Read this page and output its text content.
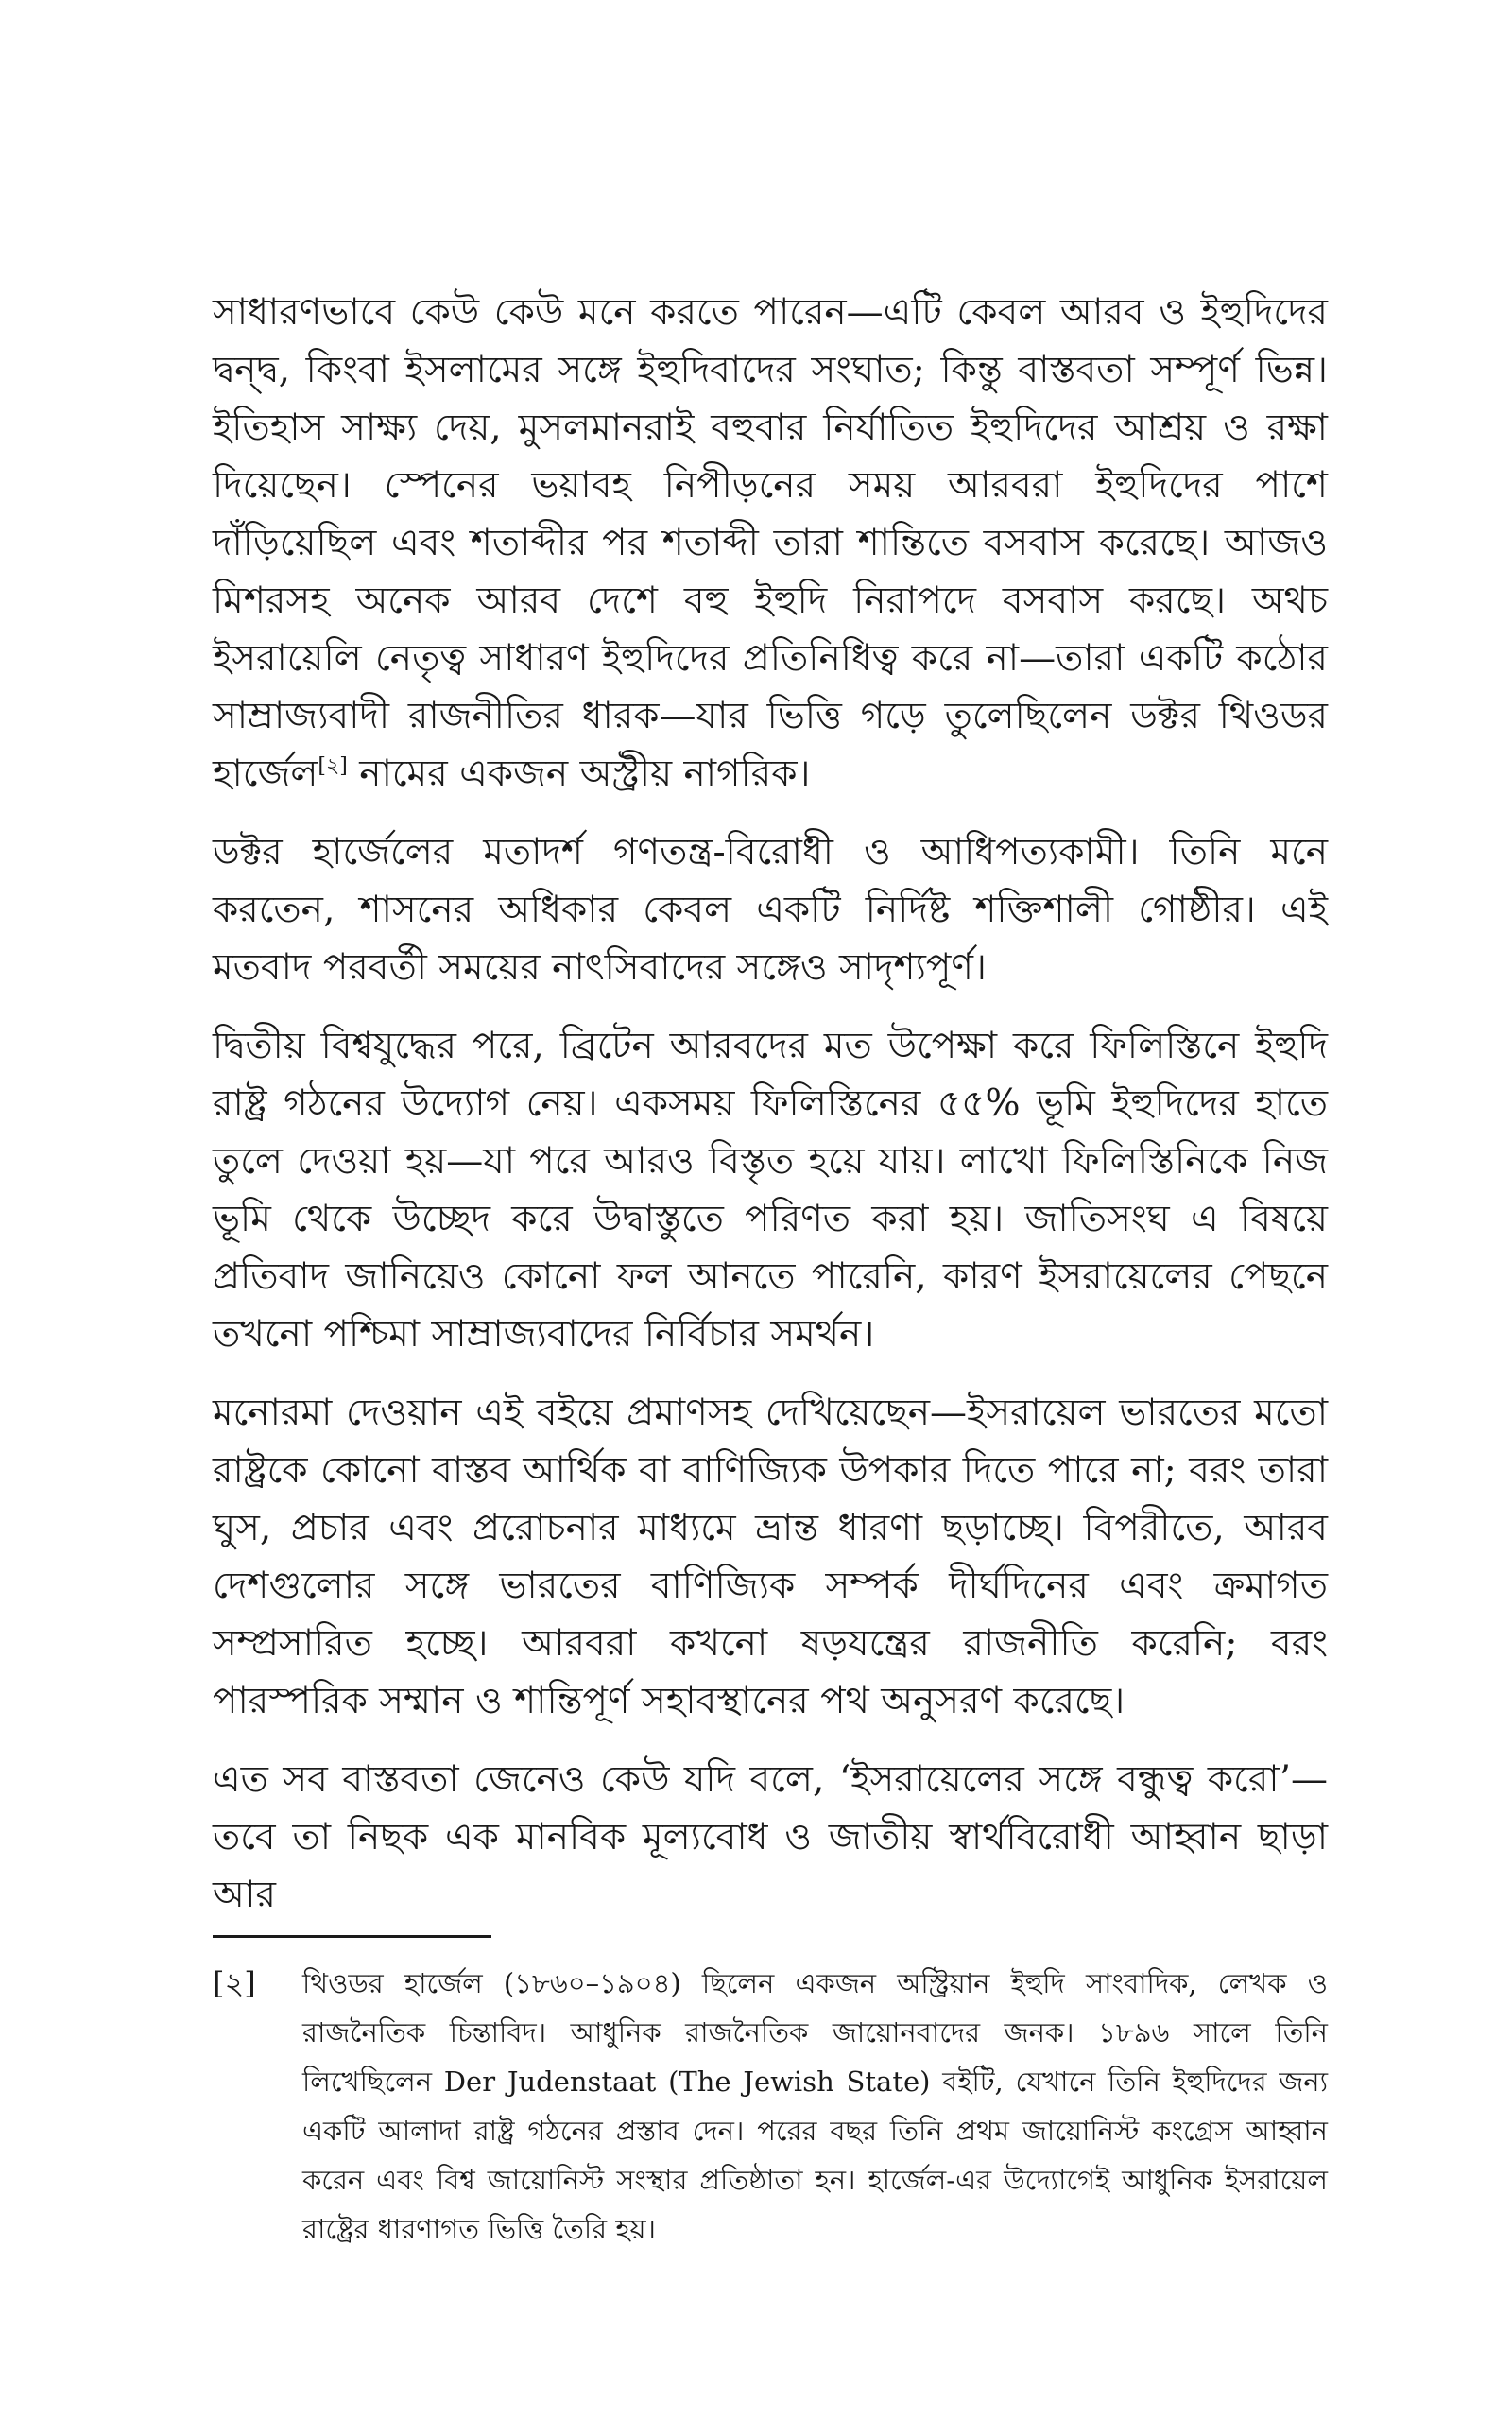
সাধারণভাবে কেউ কেউ মনে করতে পারেন—এটি কেবল আরব ও ইহুদিদের দ্বন্দ্ব, কিংবা ইসলামের সঙ্গে ইহুদিবাদের সংঘাত; কিন্তু বাস্তবতা সম্পূর্ণ ভিন্ন। ইতিহাস সাক্ষ্য দেয়, মুসলমানরাই বহুবার নির্যাতিত ইহুদিদের আশ্রয় ও রক্ষা দিয়েছেন। স্পেনের ভয়াবহ নিপীড়নের সময় আরবরা ইহুদিদের পাশে দাঁড়িয়েছিল এবং শতাব্দীর পর শতাব্দী তারা শান্তিতে বসবাস করেছে। আজও মিশরসহ অনেক আরব দেশে বহু ইহুদি নিরাপদে বসবাস করছে। অথচ ইসরায়েলি নেতৃত্ব সাধারণ ইহুদিদের প্রতিনিধিত্ব করে না—তারা একটি কঠোর সাম্রাজ্যবাদী রাজনীতির ধারক—যার ভিত্তি গড়ে তুলেছিলেন ডক্টর থিওডর হার্জেল[২] নামের একজন অস্ট্রীয় নাগরিক।

ডক্টর হার্জেলের মতাদর্শ গণতন্ত্র-বিরোধী ও আধিপত্যকামী। তিনি মনে করতেন, শাসনের অধিকার কেবল একটি নির্দিষ্ট শক্তিশালী গোষ্ঠীর। এই মতবাদ পরবর্তী সময়ের নাৎসিবাদের সঙ্গেও সাদৃশ্যপূর্ণ।

দ্বিতীয় বিশ্বযুদ্ধের পরে, ব্রিটেন আরবদের মত উপেক্ষা করে ফিলিস্তিনে ইহুদি রাষ্ট্র গঠনের উদ্যোগ নেয়। একসময় ফিলিস্তিনের ৫৫% ভূমি ইহুদিদের হাতে তুলে দেওয়া হয়—যা পরে আরও বিস্তৃত হয়ে যায়। লাখো ফিলিস্তিনিকে নিজ ভূমি থেকে উচ্ছেদ করে উদ্বাস্তুতে পরিণত করা হয়। জাতিসংঘ এ বিষয়ে প্রতিবাদ জানিয়েও কোনো ফল আনতে পারেনি, কারণ ইসরায়েলের পেছনে তখনো পশ্চিমা সাম্রাজ্যবাদের নির্বিচার সমর্থন।

মনোরমা দেওয়ান এই বইয়ে প্রমাণসহ দেখিয়েছেন—ইসরায়েল ভারতের মতো রাষ্ট্রকে কোনো বাস্তব আর্থিক বা বাণিজ্যিক উপকার দিতে পারে না; বরং তারা ঘুস, প্রচার এবং প্ররোচনার মাধ্যমে ভ্রান্ত ধারণা ছড়াচ্ছে। বিপরীতে, আরব দেশগুলোর সঙ্গে ভারতের বাণিজ্যিক সম্পর্ক দীর্ঘদিনের এবং ক্রমাগত সম্প্রসারিত হচ্ছে। আরবরা কখনো ষড়যন্ত্রের রাজনীতি করেনি; বরং পারস্পরিক সম্মান ও শান্তিপূর্ণ সহাবস্থানের পথ অনুসরণ করেছে।

এত সব বাস্তবতা জেনেও কেউ যদি বলে, ‘ইসরায়েলের সঙ্গে বন্ধুত্ব করো’—তবে তা নিছক এক মানবিক মূল্যবোধ ও জাতীয় স্বার্থবিরোধী আহ্বান ছাড়া আর

[২]	থিওডর হার্জেল (১৮৬০–১৯০৪) ছিলেন একজন অস্ট্রিয়ান ইহুদি সাংবাদিক, লেখক ও রাজনৈতিক চিন্তাবিদ। আধুনিক রাজনৈতিক জায়োনবাদের জনক। ১৮৯৬ সালে তিনি লিখেছিলেন Der Judenstaat (The Jewish State) বইটি, যেখানে তিনি ইহুদিদের জন্য একটি আলাদা রাষ্ট্র গঠনের প্রস্তাব দেন। পরের বছর তিনি প্রথম জায়োনিস্ট কংগ্রেস আহ্বান করেন এবং বিশ্ব জায়োনিস্ট সংস্থার প্রতিষ্ঠাতা হন। হার্জেল-এর উদ্যোগেই আধুনিক ইসরায়েল রাষ্ট্রের ধারণাগত ভিত্তি তৈরি হয়।
